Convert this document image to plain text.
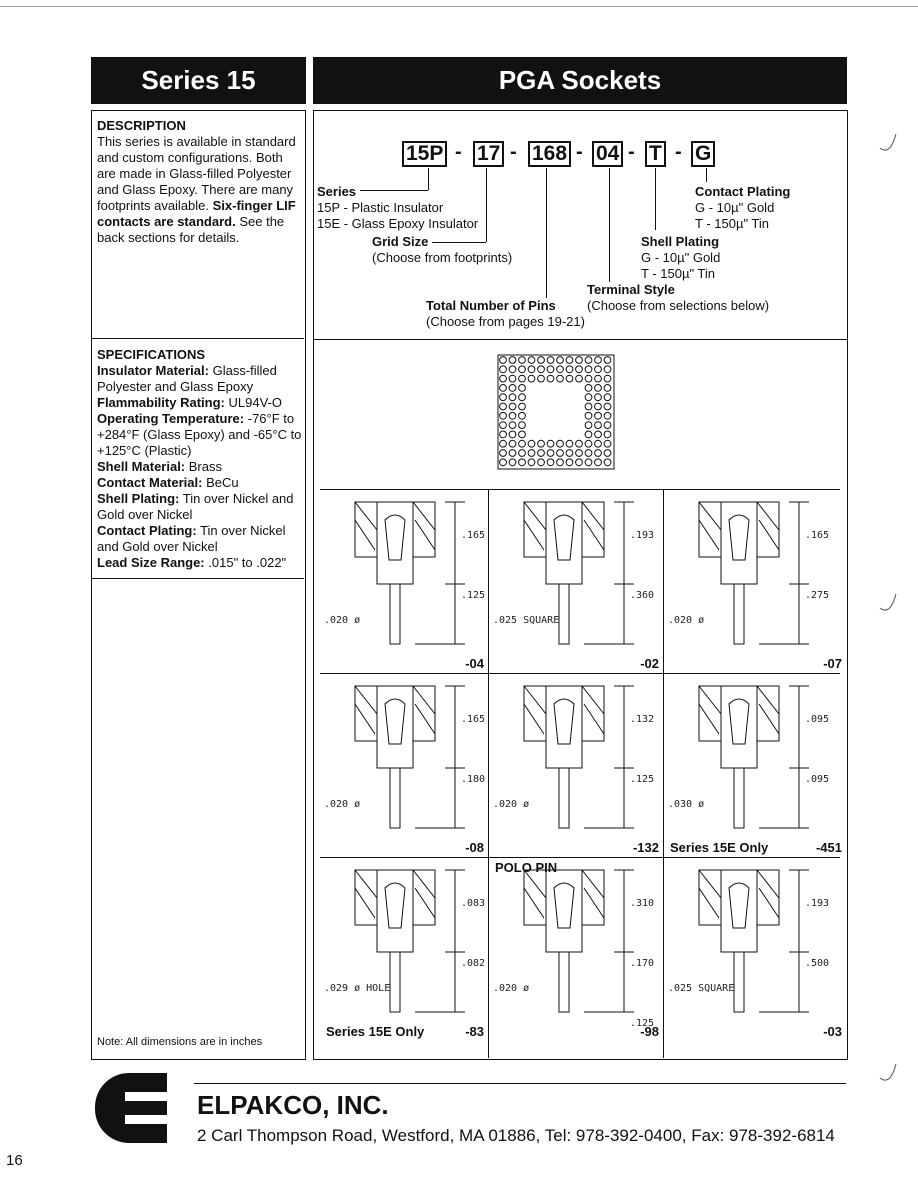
Series 15	PGA Sockets
DESCRIPTION
This series is available in standard and custom configurations. Both are made in Glass-filled Polyester and Glass Epoxy. There are many footprints available. Six-finger LIF contacts are standard. See the back sections for details.
SPECIFICATIONS
Insulator Material: Glass-filled Polyester and Glass Epoxy
Flammability Rating: UL94V-O
Operating Temperature: -76°F to +284°F (Glass Epoxy) and -65°C to +125°C (Plastic)
Shell Material: Brass
Contact Material: BeCu
Shell Plating: Tin over Nickel and Gold over Nickel
Contact Plating: Tin over Nickel and Gold over Nickel
Lead Size Range: .015" to .022"
Note: All dimensions are in inches
15P - 17 - 168 - 04 - T - G
Series
15P - Plastic Insulator
15E - Glass Epoxy Insulator
Grid Size
(Choose from footprints)
Total Number of Pins
(Choose from pages 19-21)
Terminal Style
(Choose from selections below)
Shell Plating
G - 10µ" Gold
T - 150µ" Tin
Contact Plating
G - 10µ" Gold
T - 150µ" Tin
.165
.125
.020 ø
-04
.193
.360
.025 SQUARE
-02
.165
.275
.020 ø
-07
.165
.180
.020 ø
-08
.132
.125
.020 ø
-132
.095
.095
.030 ø
Series 15E Only	-451
.083
.082
.029 ø HOLE
Series 15E Only	-83
.310
.170
.125
.020 ø
POLO PIN
-98
.193
.500
.025 SQUARE
-03
ELPAKCO, INC.
2 Carl Thompson Road, Westford, MA 01886, Tel: 978-392-0400, Fax: 978-392-6814
16
